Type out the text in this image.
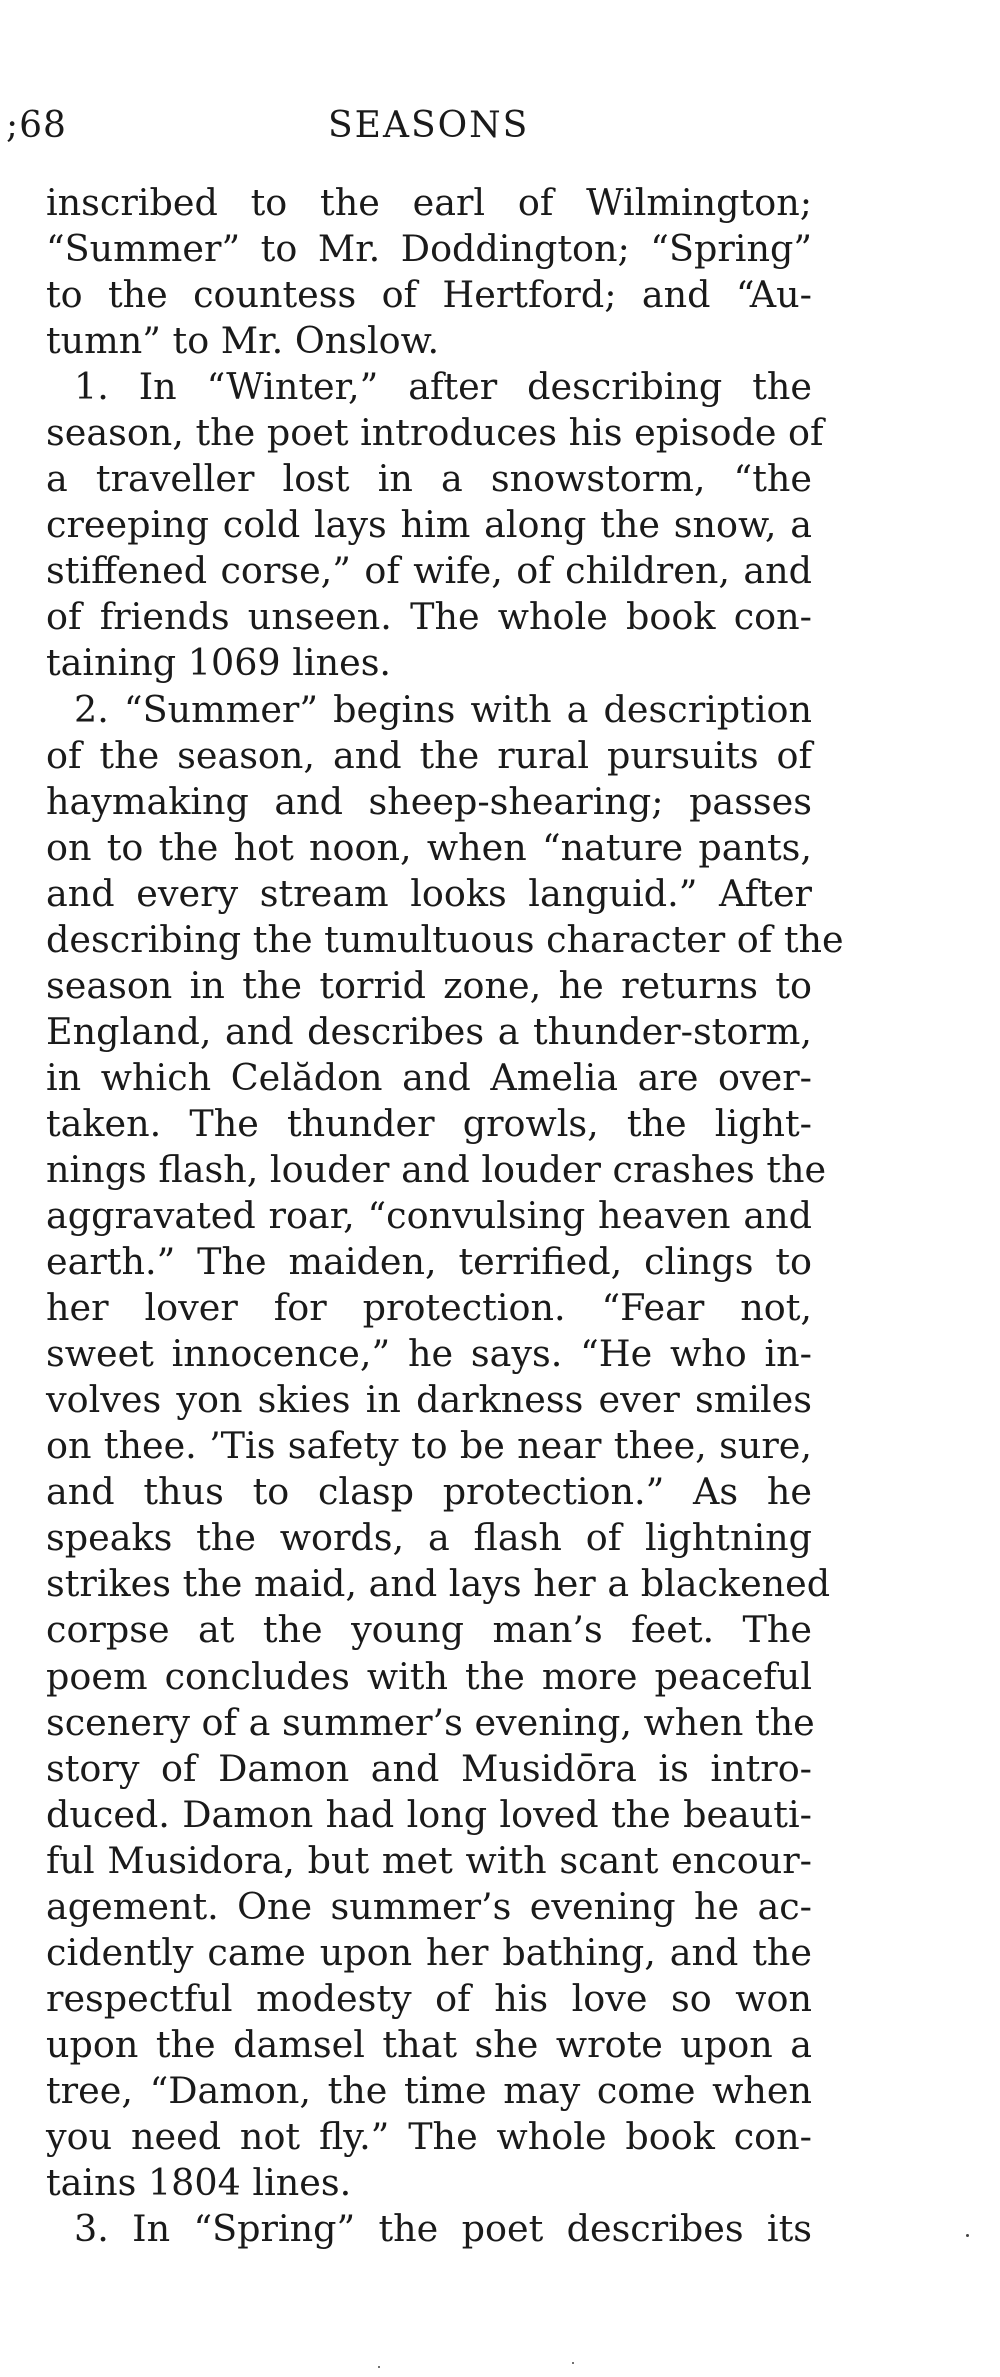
;68	SEASONS
inscribed to the earl of Wilmington;
“Summer” to Mr. Doddington; “Spring”
to the countess of Hertford; and “Au-
tumn” to Mr. Onslow.
1. In “Winter,” after describing the
season, the poet introduces his episode of
a traveller lost in a snowstorm, “the
creeping cold lays him along the snow, a
stiffened corse,” of wife, of children, and
of friends unseen. The whole book con-
taining 1069 lines.
2. “Summer” begins with a description
of the season, and the rural pursuits of
haymaking and sheep-shearing; passes
on to the hot noon, when “nature pants,
and every stream looks languid.” After
describing the tumultuous character of the
season in the torrid zone, he returns to
England, and describes a thunder-storm,
in which Celădon and Amelia are over-
taken. The thunder growls, the light-
nings flash, louder and louder crashes the
aggravated roar, “convulsing heaven and
earth.” The maiden, terrified, clings to
her lover for protection. “Fear not,
sweet innocence,” he says. “He who in-
volves yon skies in darkness ever smiles
on thee. ’Tis safety to be near thee, sure,
and thus to clasp protection.” As he
speaks the words, a flash of lightning
strikes the maid, and lays her a blackened
corpse at the young man’s feet. The
poem concludes with the more peaceful
scenery of a summer’s evening, when the
story of Damon and Musidōra is intro-
duced. Damon had long loved the beauti-
ful Musidora, but met with scant encour-
agement. One summer’s evening he ac-
cidently came upon her bathing, and the
respectful modesty of his love so won
upon the damsel that she wrote upon a
tree, “Damon, the time may come when
you need not fly.” The whole book con-
tains 1804 lines.
3. In “Spring” the poet describes its
